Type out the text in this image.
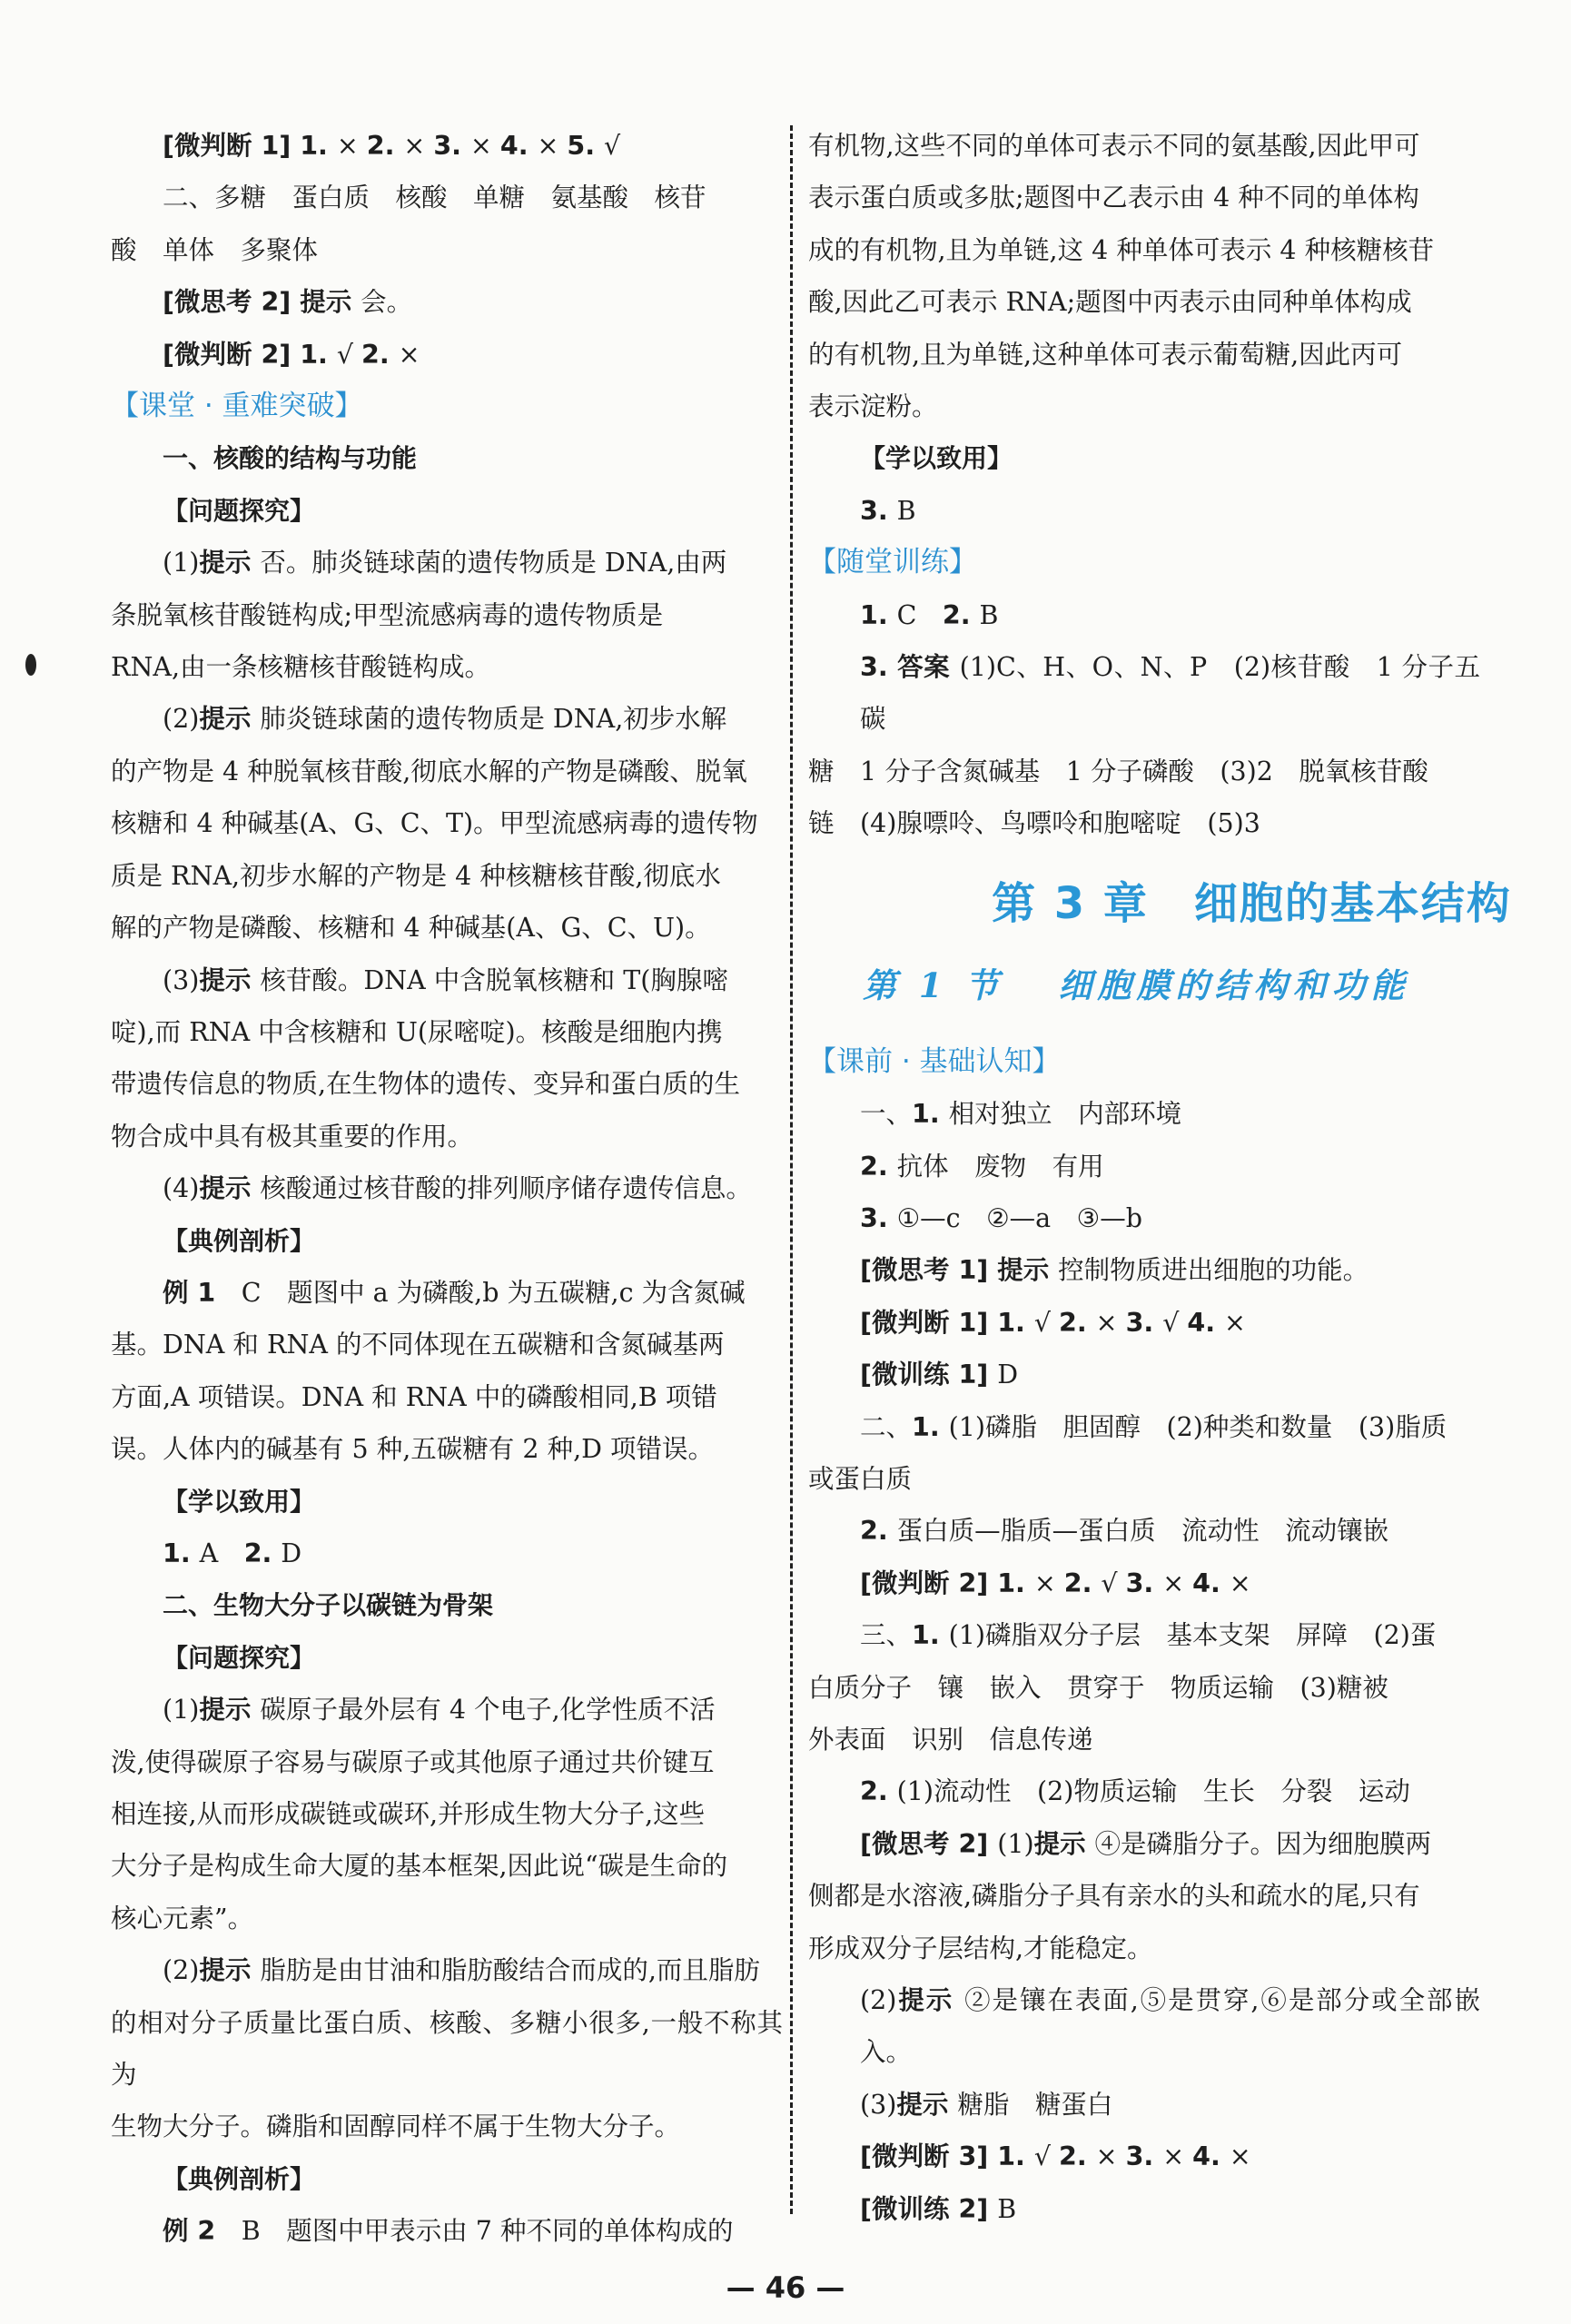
[微判断 1] 1. × 2. × 3. × 4. × 5. √

二、多糖　蛋白质　核酸　单糖　氨基酸　核苷

酸　单体　多聚体

[微思考 2] 提示 会。

[微判断 2] 1. √ 2. ×

【课堂 · 重难突破】

一、核酸的结构与功能

【问题探究】

(1)提示 否。肺炎链球菌的遗传物质是 DNA,由两

条脱氧核苷酸链构成;甲型流感病毒的遗传物质是

RNA,由一条核糖核苷酸链构成。

(2)提示 肺炎链球菌的遗传物质是 DNA,初步水解

的产物是 4 种脱氧核苷酸,彻底水解的产物是磷酸、脱氧

核糖和 4 种碱基(A、G、C、T)。甲型流感病毒的遗传物

质是 RNA,初步水解的产物是 4 种核糖核苷酸,彻底水

解的产物是磷酸、核糖和 4 种碱基(A、G、C、U)。

(3)提示 核苷酸。DNA 中含脱氧核糖和 T(胸腺嘧

啶),而 RNA 中含核糖和 U(尿嘧啶)。核酸是细胞内携

带遗传信息的物质,在生物体的遗传、变异和蛋白质的生

物合成中具有极其重要的作用。

(4)提示 核酸通过核苷酸的排列顺序储存遗传信息。

【典例剖析】

例 1　C　题图中 a 为磷酸,b 为五碳糖,c 为含氮碱

基。DNA 和 RNA 的不同体现在五碳糖和含氮碱基两

方面,A 项错误。DNA 和 RNA 中的磷酸相同,B 项错

误。人体内的碱基有 5 种,五碳糖有 2 种,D 项错误。

【学以致用】

1. A　2. D

二、生物大分子以碳链为骨架

【问题探究】

(1)提示 碳原子最外层有 4 个电子,化学性质不活

泼,使得碳原子容易与碳原子或其他原子通过共价键互

相连接,从而形成碳链或碳环,并形成生物大分子,这些

大分子是构成生命大厦的基本框架,因此说“碳是生命的

核心元素”。

(2)提示 脂肪是由甘油和脂肪酸结合而成的,而且脂肪

的相对分子质量比蛋白质、核酸、多糖小很多,一般不称其为

生物大分子。磷脂和固醇同样不属于生物大分子。

【典例剖析】

例 2　B　题图中甲表示由 7 种不同的单体构成的

有机物,这些不同的单体可表示不同的氨基酸,因此甲可

表示蛋白质或多肽;题图中乙表示由 4 种不同的单体构

成的有机物,且为单链,这 4 种单体可表示 4 种核糖核苷

酸,因此乙可表示 RNA;题图中丙表示由同种单体构成

的有机物,且为单链,这种单体可表示葡萄糖,因此丙可

表示淀粉。

【学以致用】

3. B

【随堂训练】

1. C　2. B

3. 答案 (1)C、H、O、N、P　(2)核苷酸　1 分子五碳

糖　1 分子含氮碱基　1 分子磷酸　(3)2　脱氧核苷酸

链　(4)腺嘌呤、鸟嘌呤和胞嘧啶　(5)3

第 3 章　细胞的基本结构
第 1 节 细胞膜的结构和功能

【课前 · 基础认知】

一、1. 相对独立　内部环境

2. 抗体　废物　有用

3. ①—c　②—a　③—b

[微思考 1] 提示 控制物质进出细胞的功能。

[微判断 1] 1. √ 2. × 3. √ 4. ×

[微训练 1] D

二、1. (1)磷脂　胆固醇　(2)种类和数量　(3)脂质

或蛋白质

2. 蛋白质—脂质—蛋白质　流动性　流动镶嵌

[微判断 2] 1. × 2. √ 3. × 4. ×

三、1. (1)磷脂双分子层　基本支架　屏障　(2)蛋

白质分子　镶　嵌入　贯穿于　物质运输　(3)糖被

外表面　识别　信息传递

2. (1)流动性　(2)物质运输　生长　分裂　运动

[微思考 2] (1)提示 ④是磷脂分子。因为细胞膜两

侧都是水溶液,磷脂分子具有亲水的头和疏水的尾,只有

形成双分子层结构,才能稳定。

(2)提示 ②是镶在表面,⑤是贯穿,⑥是部分或全部嵌入。

(3)提示 糖脂　糖蛋白

[微判断 3] 1. √ 2. × 3. × 4. ×

[微训练 2] B

— 46 —
